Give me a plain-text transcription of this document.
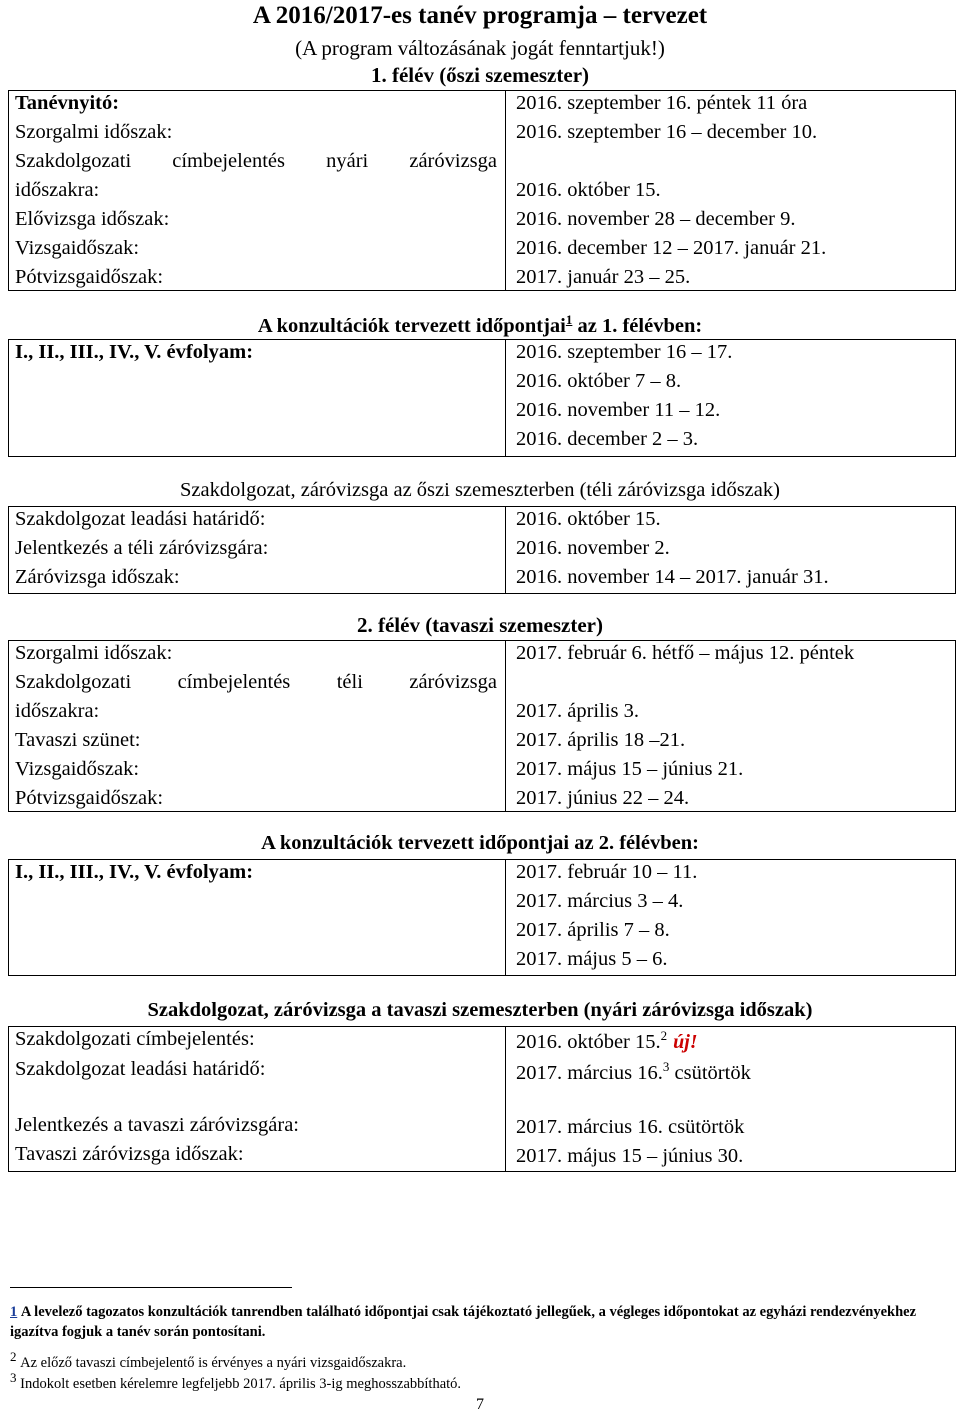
A 2016/2017-es tanév programja – tervezet
(A program változásának jogát fenntartjuk!)
1. félév (őszi szemeszter)
Tanévnyitó:	2016. szeptember 16. péntek 11 óra
Szorgalmi időszak:	2016. szeptember 16 – december 10.
Szakdolgozati címbejelentés nyári záróvizsga
időszakra:	2016. október 15.
Elővizsga időszak:	2016. november 28 – december 9.
Vizsgaidőszak:	2016. december 12 – 2017. január 21.
Pótvizsgaidőszak:	2017. január 23 – 25.
A konzultációk tervezett időpontjai$^1$ az 1. félévben:
I., II., III., IV., V. évfolyam:	2016. szeptember 16 – 17.
2016. október 7 – 8.
2016. november 11 – 12.
2016. december 2 – 3.
Szakdolgozat, záróvizsga az őszi szemeszterben (téli záróvizsga időszak)
Szakdolgozat leadási határidő:	2016. október 15.
Jelentkezés a téli záróvizsgára:	2016. november 2.
Záróvizsga időszak:	2016. november 14 – 2017. január 31.
2. félév (tavaszi szemeszter)
Szorgalmi időszak:	2017. február 6. hétfő – május 12. péntek
Szakdolgozati címbejelentés téli záróvizsga
időszakra:	2017. április 3.
Tavaszi szünet:	2017. április 18 –21.
Vizsgaidőszak:	2017. május 15 – június 21.
Pótvizsgaidőszak:	2017. június 22 – 24.
A konzultációk tervezett időpontjai az 2. félévben:
I., II., III., IV., V. évfolyam:	2017. február 10 – 11.
2017. március 3 – 4.
2017. április 7 – 8.
2017. május 5 – 6.
Szakdolgozat, záróvizsga a tavaszi szemeszterben (nyári záróvizsga időszak)
Szakdolgozati címbejelentés:	2016. október 15.$^2$ új!
Szakdolgozat leadási határidő:	2017. március 16.$^3$ csütörtök
Jelentkezés a tavaszi záróvizsgára:	2017. március 16. csütörtök
Tavaszi záróvizsga időszak:	2017. május 15 – június 30.
1 A levelező tagozatos konzultációk tanrendben található időpontjai csak tájékoztató jellegűek, a végleges időpontokat az egyházi rendezvényekhez igazítva fogjuk a tanév során pontosítani.
$^2$ Az előző tavaszi címbejelentő is érvényes a nyári vizsgaidőszakra.
$^3$ Indokolt esetben kérelemre legfeljebb 2017. április 3-ig meghosszabbítható.
7
